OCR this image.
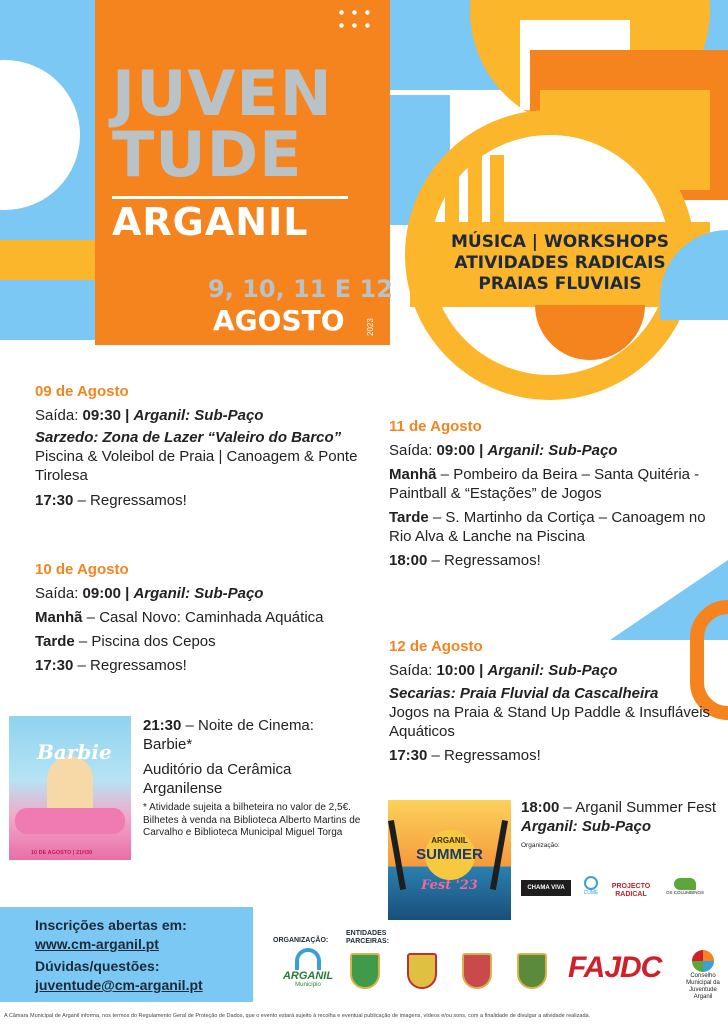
JUVEN
TUDE
ARGANIL
9, 10, 11 E 12
AGOSTO	2023
MÚSICA | WORKSHOPS
ATIVIDADES RADICAIS
PRAIAS FLUVIAIS
09 de Agosto
Saída: 09:30 | Arganil: Sub-Paço
Sarzedo: Zona de Lazer “Valeiro do Barco”
Piscina & Voleibol de Praia | Canoagem & Ponte Tirolesa
17:30 – Regressamos!
10 de Agosto
Saída: 09:00 | Arganil: Sub-Paço
Manhã – Casal Novo: Caminhada Aquática
Tarde – Piscina dos Cepos
17:30 – Regressamos!
Barbie
10 DE AGOSTO | 21H30
21:30 – Noite de Cinema: Barbie*
Auditório da Cerâmica Arganilense
* Atividade sujeita a bilheteira no valor de 2,5€. Bilhetes à venda na Biblioteca Alberto Martins de Carvalho e Biblioteca Municipal Miguel Torga
11 de Agosto
Saída: 09:00 | Arganil: Sub-Paço
Manhã – Pombeiro da Beira – Santa Quitéria - Paintball & “Estações” de Jogos
Tarde – S. Martinho da Cortiça – Canoagem no Rio Alva & Lanche na Piscina
18:00 – Regressamos!
12 de Agosto
Saída: 10:00 | Arganil: Sub-Paço
Secarias: Praia Fluvial da Cascalheira
Jogos na Praia & Stand Up Paddle & Insufláveis Aquáticos
17:30 – Regressamos!
ARGANIL
SUMMER
Fest '23
18:00 – Arganil Summer Fest
Arganil: Sub-Paço
Organização:
CHAMA VIVA
CUME
PROJECTO RADICAL	OS COLUMBINOS
Inscrições abertas em:
www.cm-arganil.pt
Dúvidas/questões:
juventude@cm-arganil.pt
ORGANIZAÇÃO:
ENTIDADES PARCEIRAS:
ARGANIL
Município
FAJDC	Conselho Municipal da Juventude Arganil
A Câmara Municipal de Arganil informa, nos termos do Regulamento Geral de Proteção de Dados, que o evento estará sujeito à recolha e eventual publicação de imagens, vídeos e/ou sons, com a finalidade de divulgar a atividade realizada.
